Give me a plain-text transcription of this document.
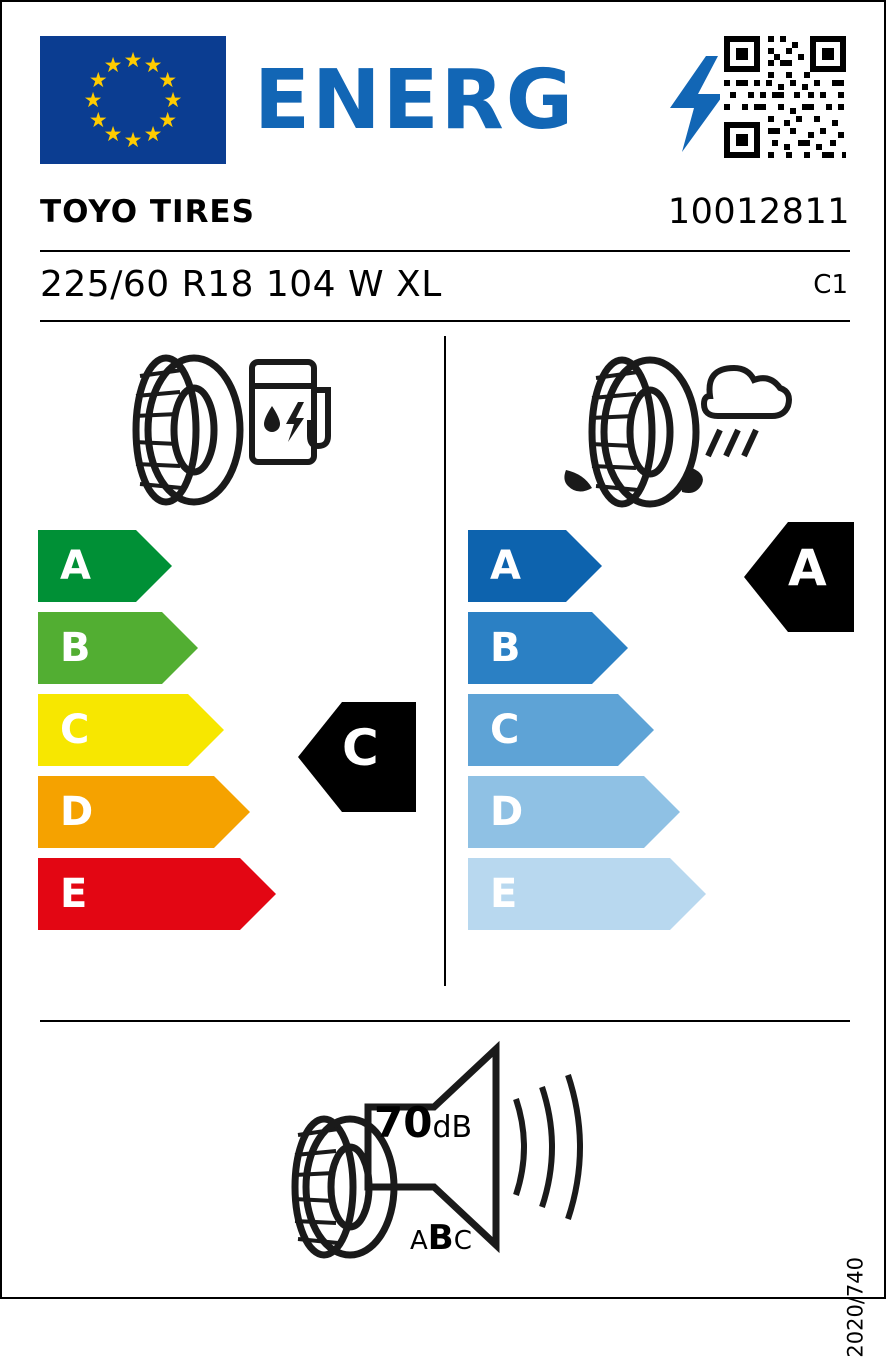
★ ★
★
★
★
★
★
★
★
★
★
★ ENERG
TOYO TIRES	10012811
225/60 R18 104 W XL	C1
A
B
C
D
E
A
B
C
D
E
C
A
70dB
ABC
2020/740
